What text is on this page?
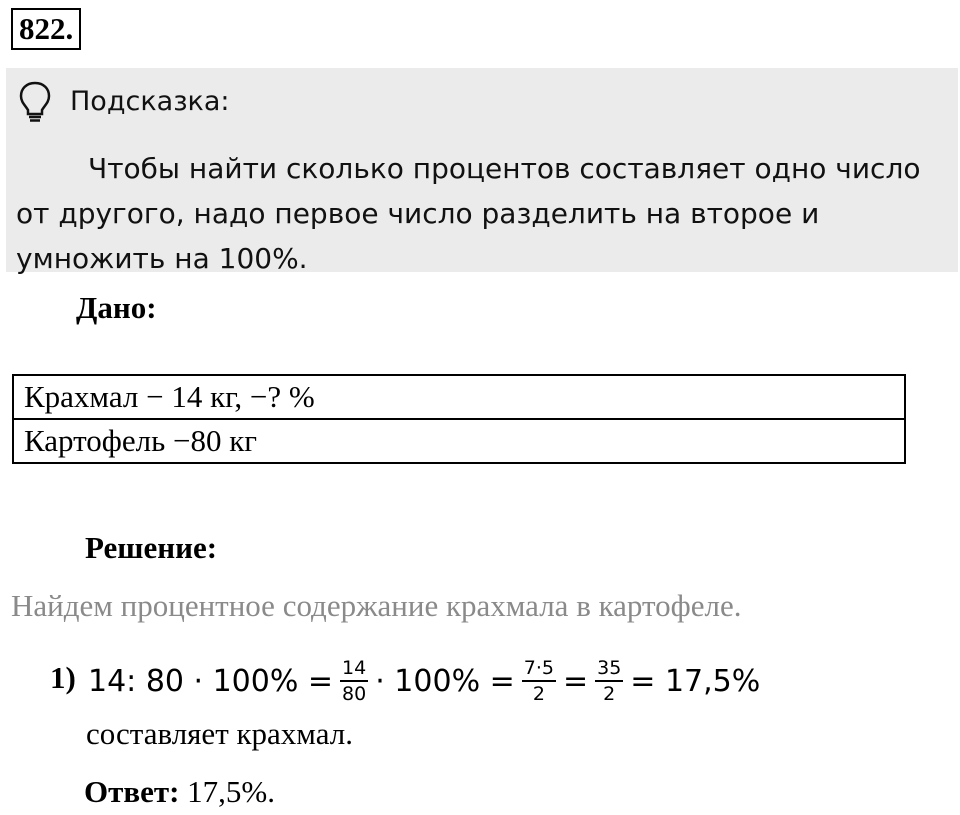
822.
Подсказка:
Чтобы найти сколько процентов составляет одно число от другого, надо первое число разделить на второе и умножить на 100%.
Дано:
Крахмал − 14 кг, −? %
Картофель −80 кг
Решение:
Найдем процентное содержание крахмала в картофеле.
1) 14: $80 \cdot 100\% = \frac{14}{80} \cdot 100\% = \frac{7\cdot 5}{2} = \frac{35}{2} = 17,5\%$
составляет крахмал.
Ответ: 17,5%.
